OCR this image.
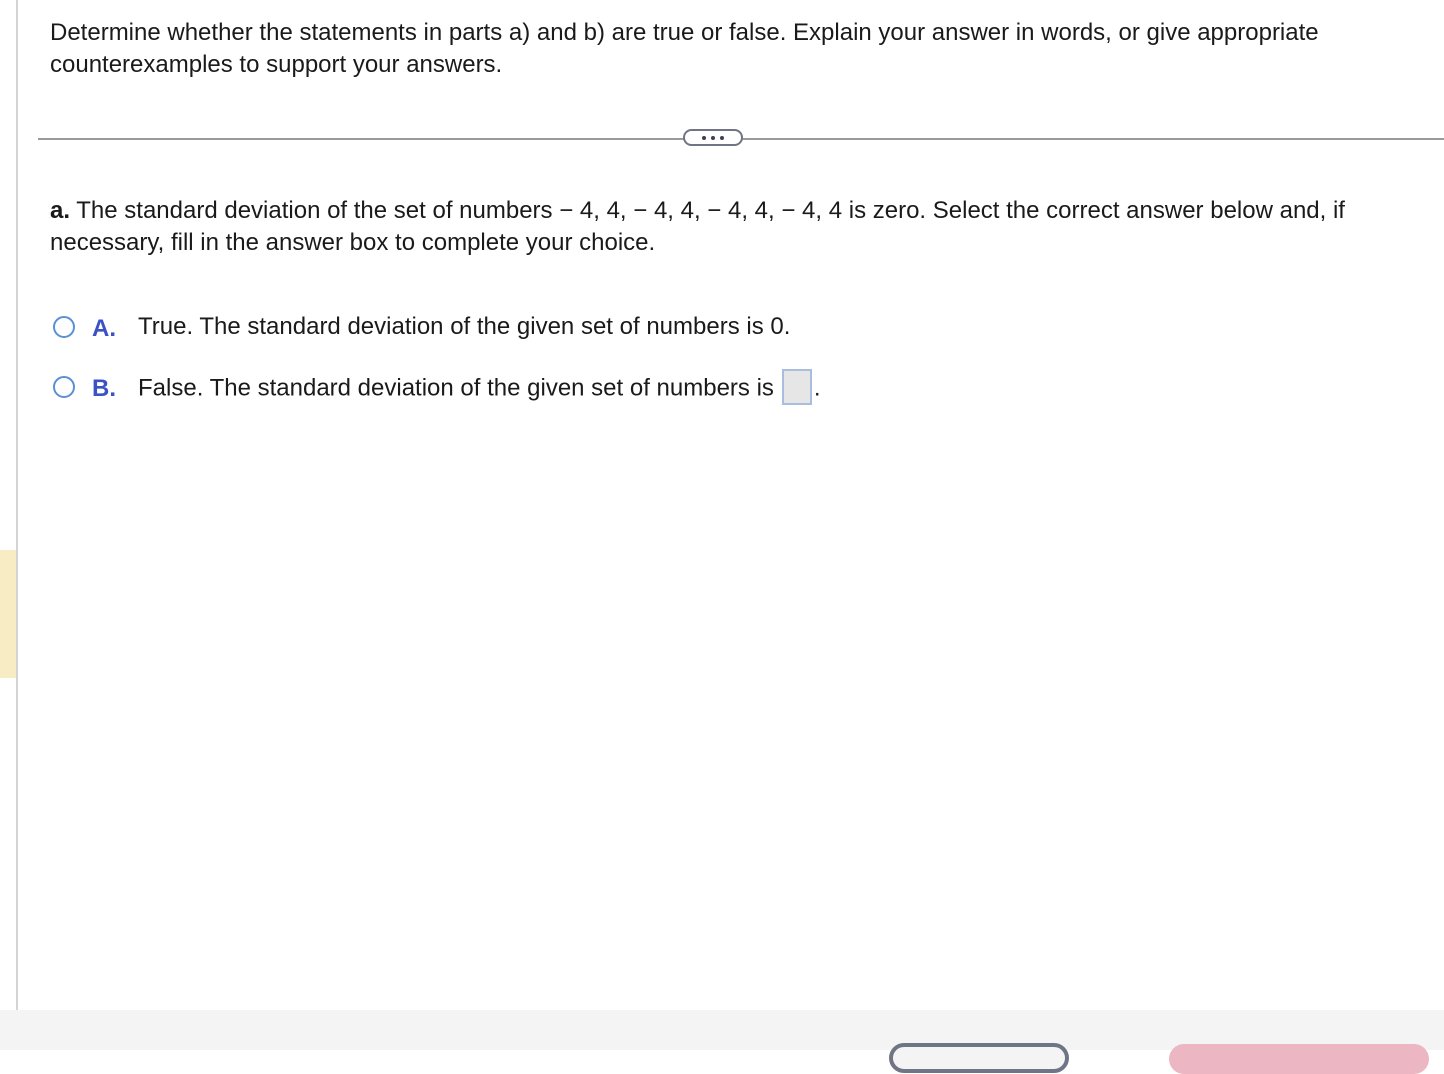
Determine whether the statements in parts a) and b) are true or false. Explain your answer in words, or give appropriate counterexamples to support your answers.

a. The standard deviation of the set of numbers − 4, 4, − 4, 4, − 4, 4, − 4, 4 is zero. Select the correct answer below and, if necessary, fill in the answer box to complete your choice.

A. True. The standard deviation of the given set of numbers is 0.
B. False. The standard deviation of the given set of numbers is .
